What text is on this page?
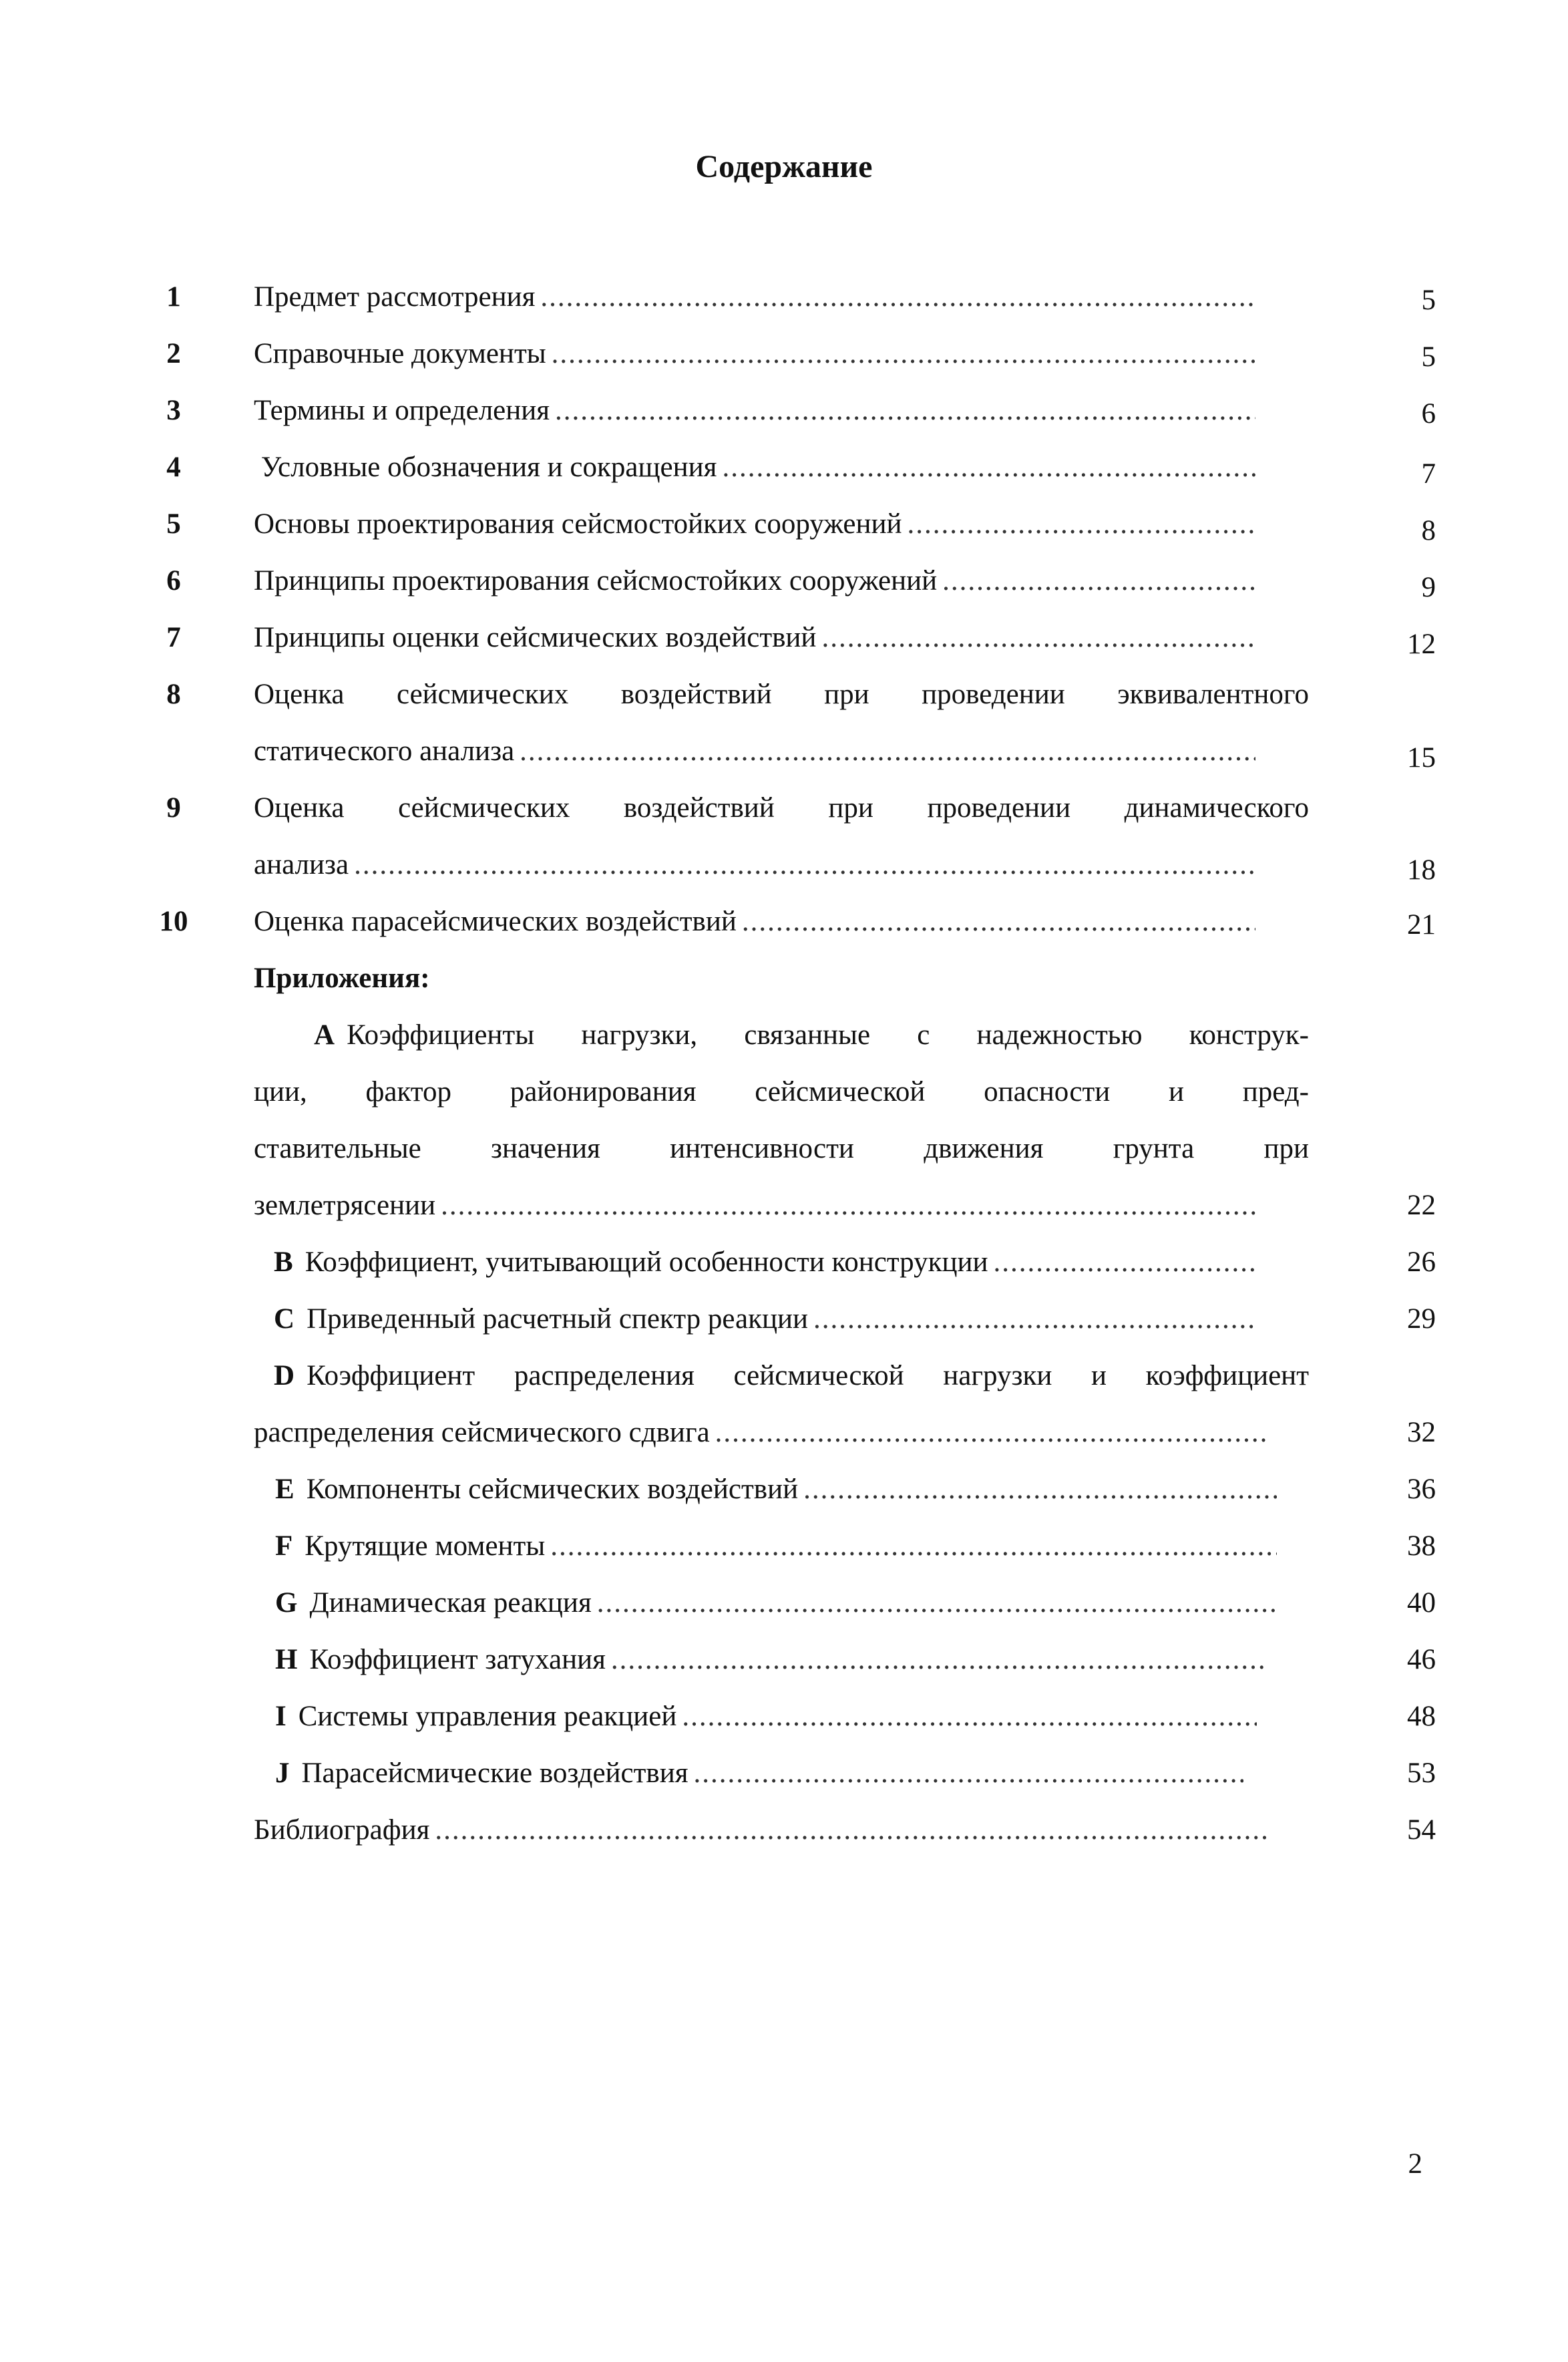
Содержание
1	Предмет рассмотрения .....	5
2	Справочные документы .....	5
3	Термины и определения .....	6
4	Условные обозначения и сокращения .....	7
5	Основы проектирования сейсмостойких сооружений .....	8
6	Принципы проектирования сейсмостойких сооружений .....	9
7	Принципы оценки сейсмических воздействий .....	12
8	Оценка сейсмических воздействий при проведении эквивалентного
статического анализа .....	15
9	Оценка сейсмических воздействий при проведении динамического
анализа .....	18
10	Оценка парасейсмических воздействий .....	21
Приложения:
А Коэффициенты нагрузки, связанные с надежностью конструк-
ции, фактор районирования сейсмической опасности и пред-
ставительные значения интенсивности движения грунта при
землетрясении .....	22
B Коэффициент, учитывающий особенности конструкции .....	26
C Приведенный расчетный спектр реакции .....	29
D Коэффициент распределения сейсмической нагрузки и коэффициент
распределения сейсмического сдвига .....	32
E Компоненты сейсмических воздействий .....	36
F Крутящие моменты .....	38
G Динамическая реакция .....	40
H Коэффициент затухания .....	46
I Системы управления реакцией .....	48
J Парасейсмические воздействия .....	53
Библиография .....	54
2
